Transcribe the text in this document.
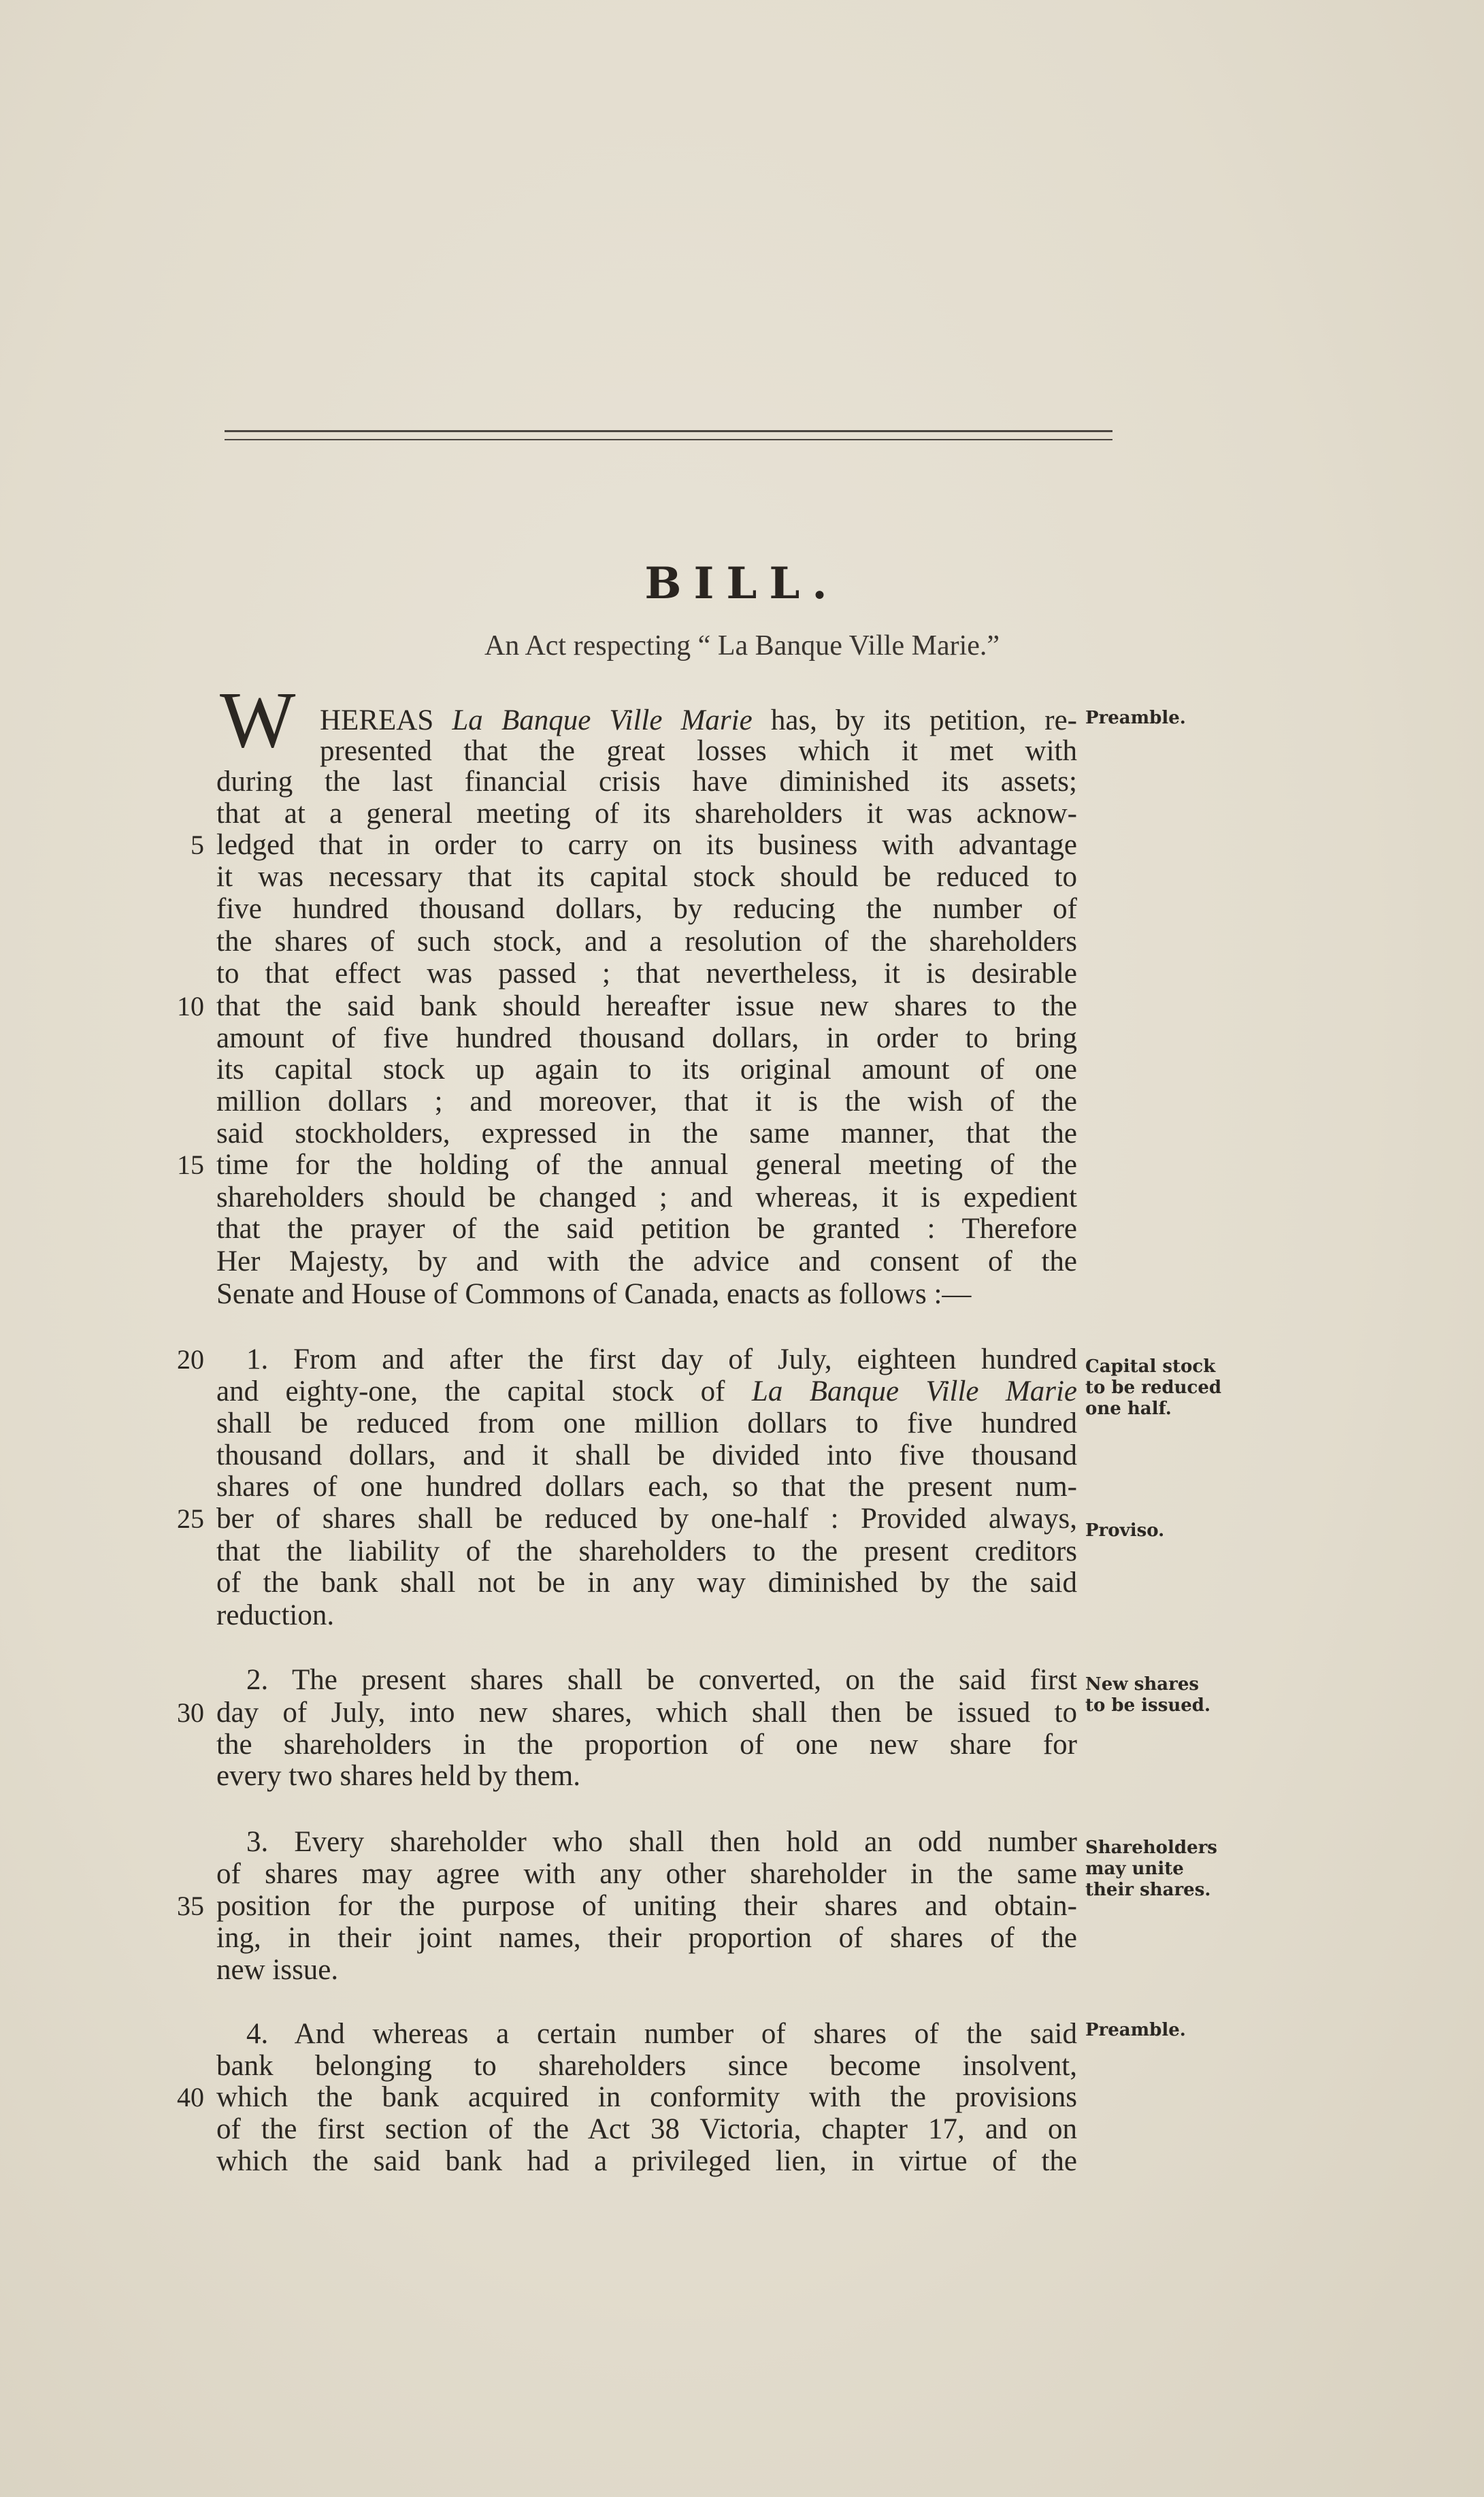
BILL.
An Act respecting “ La Banque Ville Marie.”
W HEREAS La Banque Ville Marie has, by its petition, re-
presented that the great losses which it met with
during the last financial crisis have diminished its assets;
that at a general meeting of its shareholders it was acknow-
ledged that in order to carry on its business with advantage
5
it was necessary that its capital stock should be reduced to
five hundred thousand dollars, by reducing the number of
the shares of such stock, and a resolution of the shareholders
to that effect was passed ; that nevertheless, it is desirable
that the said bank should hereafter issue new shares to the
10
amount of five hundred thousand dollars, in order to bring
its capital stock up again to its original amount of one
million dollars ; and moreover, that it is the wish of the
said stockholders, expressed in the same manner, that the
time for the holding of the annual general meeting of the
15
shareholders should be changed ; and whereas, it is expedient
that the prayer of the said petition be granted : Therefore
Her Majesty, by and with the advice and consent of the
Senate and House of Commons of Canada, enacts as follows :—
1. From and after the first day of July, eighteen hundred
20
and eighty-one, the capital stock of La Banque Ville Marie
shall be reduced from one million dollars to five hundred
thousand dollars, and it shall be divided into five thousand
shares of one hundred dollars each, so that the present num-
ber of shares shall be reduced by one-half : Provided always,
25
that the liability of the shareholders to the present creditors
of the bank shall not be in any way diminished by the said
reduction.
2. The present shares shall be converted, on the said first
day of July, into new shares, which shall then be issued to
30
the shareholders in the proportion of one new share for
every two shares held by them.
3. Every shareholder who shall then hold an odd number
of shares may agree with any other shareholder in the same
position for the purpose of uniting their shares and obtain-
35
ing, in their joint names, their proportion of shares of the
new issue.
4. And whereas a certain number of shares of the said
bank belonging to shareholders since become insolvent,
which the bank acquired in conformity with the provisions
40
of the first section of the Act 38 Victoria, chapter 17, and on
which the said bank had a privileged lien, in virtue of the
Preamble.
Capital stock
to be reduced
one half.
Proviso.
New shares
to be issued.
Shareholders
may unite
their shares.
Preamble.
